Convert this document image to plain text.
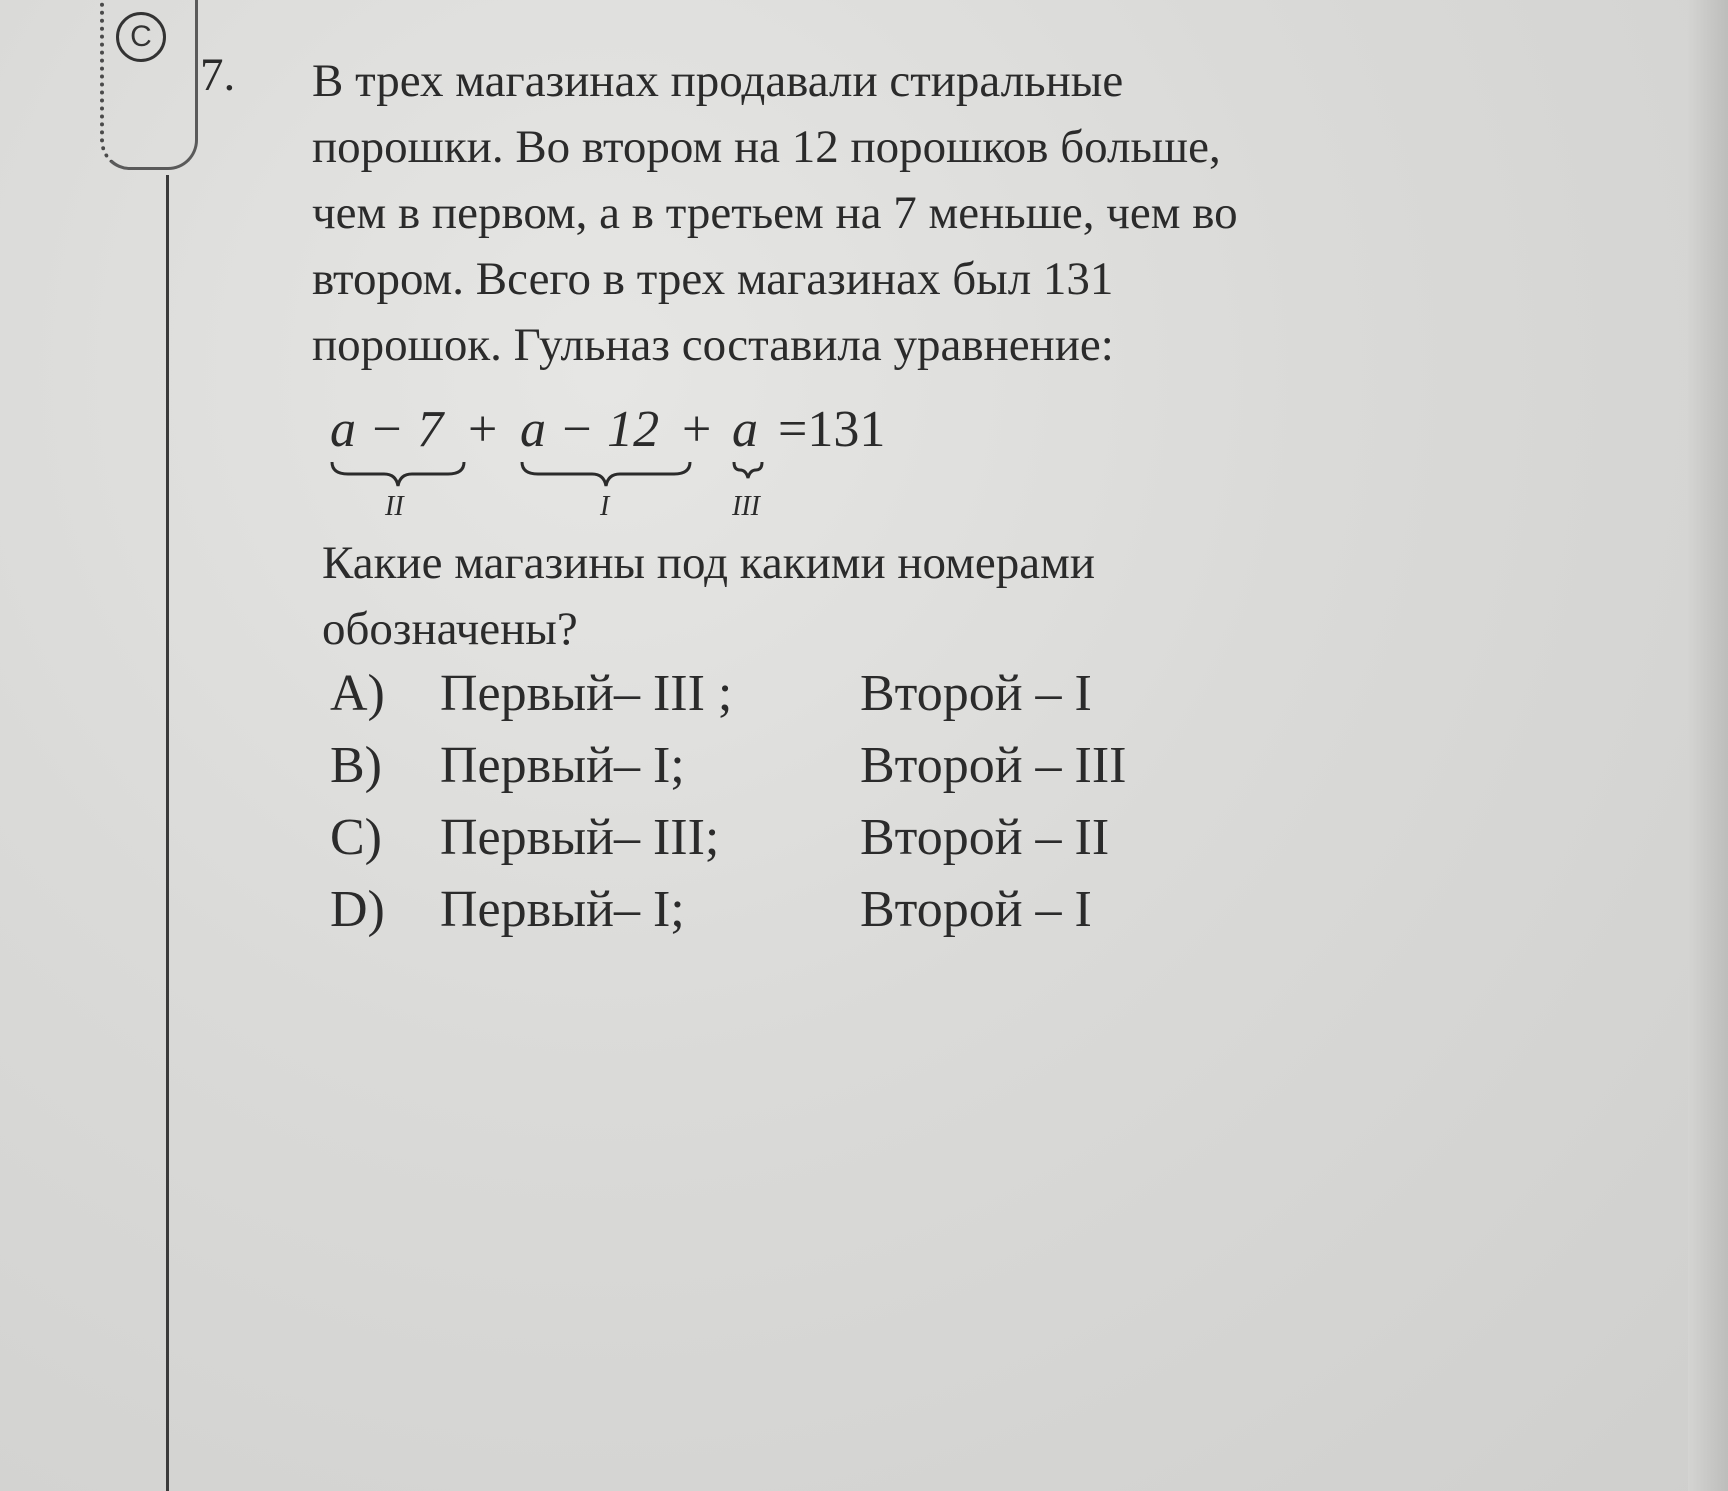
C
7. В трех магазинах продавали стиральные
порошки. Во втором на 12 порошков больше,
чем в первом, а в третьем на 7 меньше, чем во
втором. Всего в трех магазинах был 131
порошок. Гульназ составила уравнение:
a − 7 + a − 12 + a =131
II	I	III
Какие магазины под какими номерами
обозначены?
A) Первый– III ; Второй – I
B) Первый– I;	Второй – III
C) Первый– III;	Второй – II
D) Первый– I;	Второй – I
